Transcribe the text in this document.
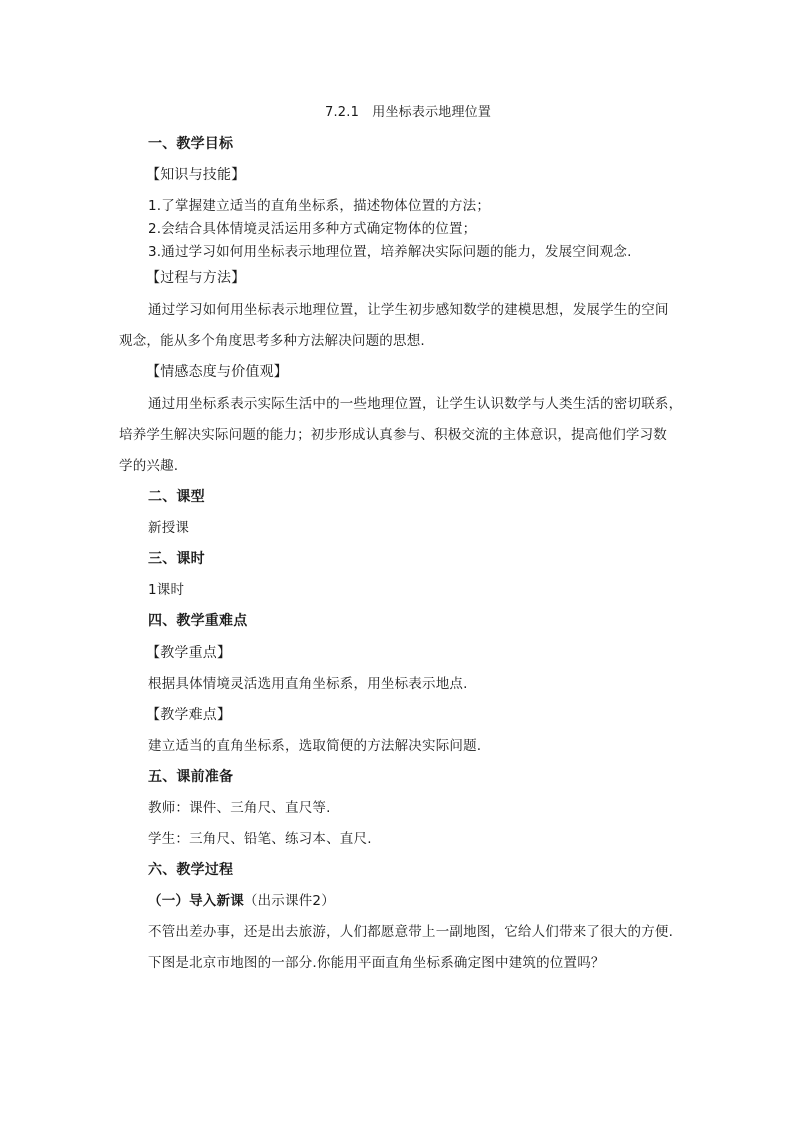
7.2.1　用坐标表示地理位置
一、教学目标
【知识与技能】
1.了掌握建立适当的直角坐标系，描述物体位置的方法；
2.会结合具体情境灵活运用多种方式确定物体的位置；
3.通过学习如何用坐标表示地理位置，培养解决实际问题的能力，发展空间观念.
【过程与方法】
通过学习如何用坐标表示地理位置，让学生初步感知数学的建模思想，发展学生的空间
观念，能从多个角度思考多种方法解决问题的思想.
【情感态度与价值观】
通过用坐标系表示实际生活中的一些地理位置，让学生认识数学与人类生活的密切联系，
培养学生解决实际问题的能力；初步形成认真参与、积极交流的主体意识，提高他们学习数
学的兴趣.
二、课型
新授课
三、课时
1课时
四、教学重难点
【教学重点】
根据具体情境灵活选用直角坐标系，用坐标表示地点.
【教学难点】
建立适当的直角坐标系，选取简便的方法解决实际问题.
五、课前准备
教师：课件、三角尺、直尺等.
学生：三角尺、铅笔、练习本、直尺.
六、教学过程
（一）导入新课（出示课件2）
不管出差办事，还是出去旅游，人们都愿意带上一副地图，它给人们带来了很大的方便.
下图是北京市地图的一部分.你能用平面直角坐标系确定图中建筑的位置吗？
